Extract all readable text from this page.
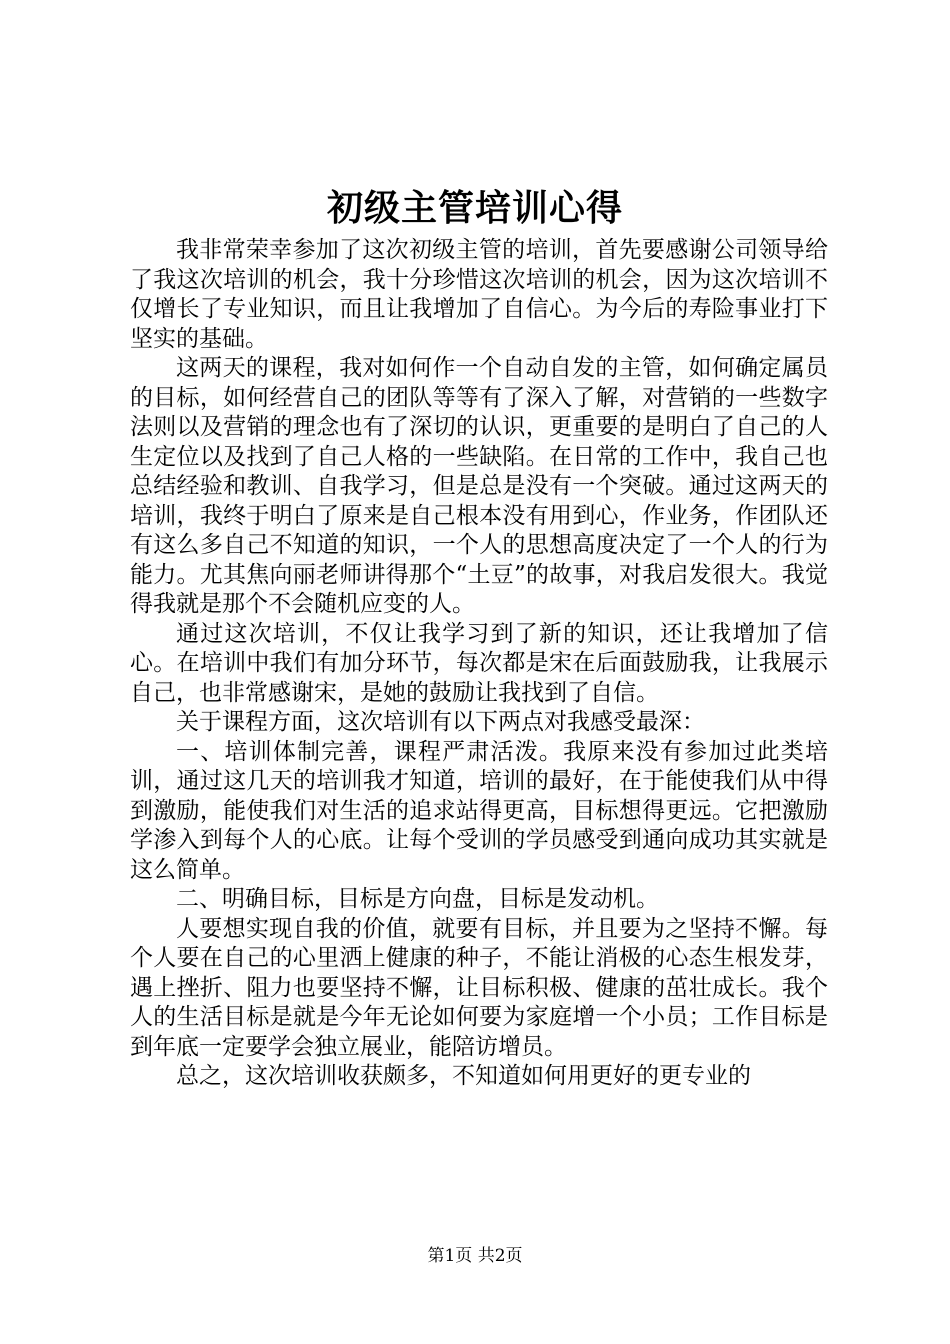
初级主管培训心得

我非常荣幸参加了这次初级主管的培训，首先要感谢公司领导给了我这次培训的机会，我十分珍惜这次培训的机会，因为这次培训不仅增长了专业知识，而且让我增加了自信心。为今后的寿险事业打下坚实的基础。

这两天的课程，我对如何作一个自动自发的主管，如何确定属员的目标，如何经营自己的团队等等有了深入了解，对营销的一些数字法则以及营销的理念也有了深切的认识，更重要的是明白了自己的人生定位以及找到了自己人格的一些缺陷。在日常的工作中，我自己也总结经验和教训、自我学习，但是总是没有一个突破。通过这两天的培训，我终于明白了原来是自己根本没有用到心，作业务，作团队还有这么多自己不知道的知识，一个人的思想高度决定了一个人的行为能力。尤其焦向丽老师讲得那个“土豆”的故事，对我启发很大。我觉得我就是那个不会随机应变的人。

通过这次培训，不仅让我学习到了新的知识，还让我增加了信心。在培训中我们有加分环节，每次都是宋在后面鼓励我，让我展示自己，也非常感谢宋，是她的鼓励让我找到了自信。

关于课程方面，这次培训有以下两点对我感受最深：

一、培训体制完善，课程严肃活泼。我原来没有参加过此类培训，通过这几天的培训我才知道，培训的最好，在于能使我们从中得到激励，能使我们对生活的追求站得更高，目标想得更远。它把激励学渗入到每个人的心底。让每个受训的学员感受到通向成功其实就是这么简单。

二、明确目标，目标是方向盘，目标是发动机。

人要想实现自我的价值，就要有目标，并且要为之坚持不懈。每个人要在自己的心里洒上健康的种子，不能让消极的心态生根发芽，遇上挫折、阻力也要坚持不懈，让目标积极、健康的茁壮成长。我个人的生活目标是就是今年无论如何要为家庭增一个小员；工作目标是到年底一定要学会独立展业，能陪访增员。

总之，这次培训收获颇多，不知道如何用更好的更专业的

第1页 共2页
